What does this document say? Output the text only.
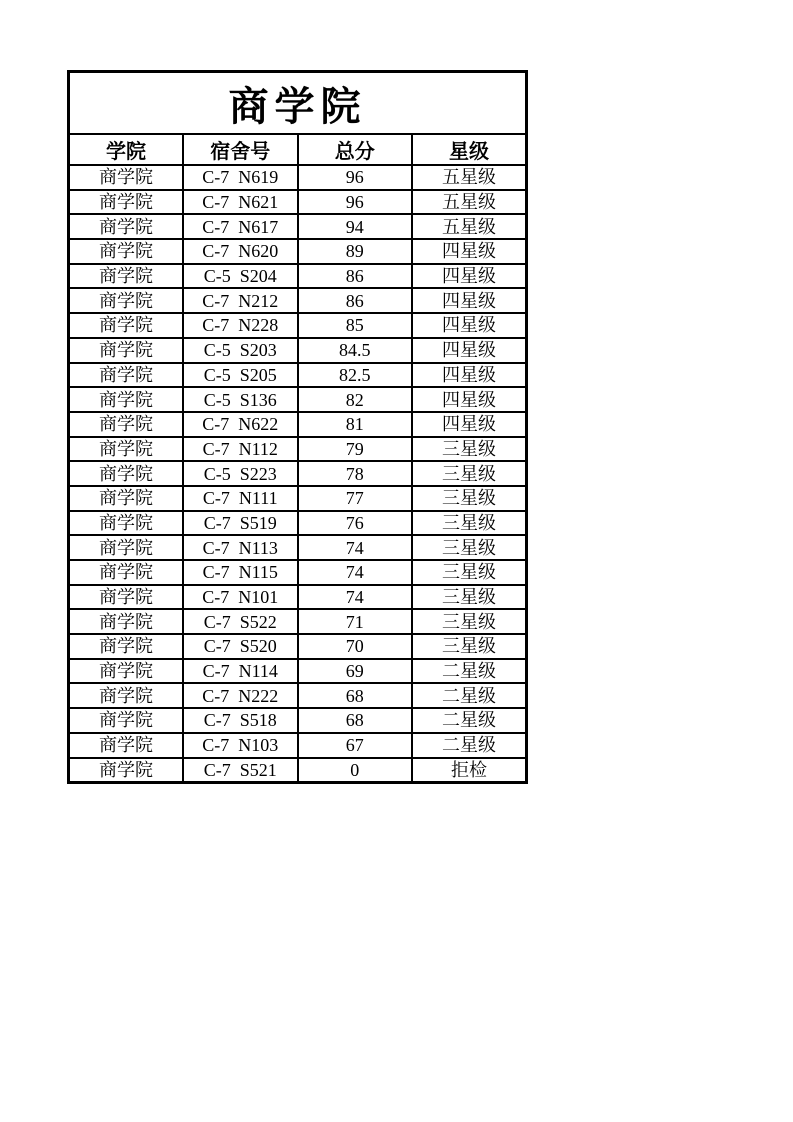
商学院			
学院	宿舍号	总分	星级
商学院	C-7  N619	96	五星级
商学院	C-7  N621	96	五星级
商学院	C-7  N617	94	五星级
商学院	C-7  N620	89	四星级
商学院	C-5  S204	86	四星级
商学院	C-7  N212	86	四星级
商学院	C-7  N228	85	四星级
商学院	C-5  S203	84.5	四星级
商学院	C-5  S205	82.5	四星级
商学院	C-5  S136	82	四星级
商学院	C-7  N622	81	四星级
商学院	C-7  N112	79	三星级
商学院	C-5  S223	78	三星级
商学院	C-7  N111	77	三星级
商学院	C-7  S519	76	三星级
商学院	C-7  N113	74	三星级
商学院	C-7  N115	74	三星级
商学院	C-7  N101	74	三星级
商学院	C-7  S522	71	三星级
商学院	C-7  S520	70	三星级
商学院	C-7  N114	69	二星级
商学院	C-7  N222	68	二星级
商学院	C-7  S518	68	二星级
商学院	C-7  N103	67	二星级
商学院	C-7  S521	0	拒检
